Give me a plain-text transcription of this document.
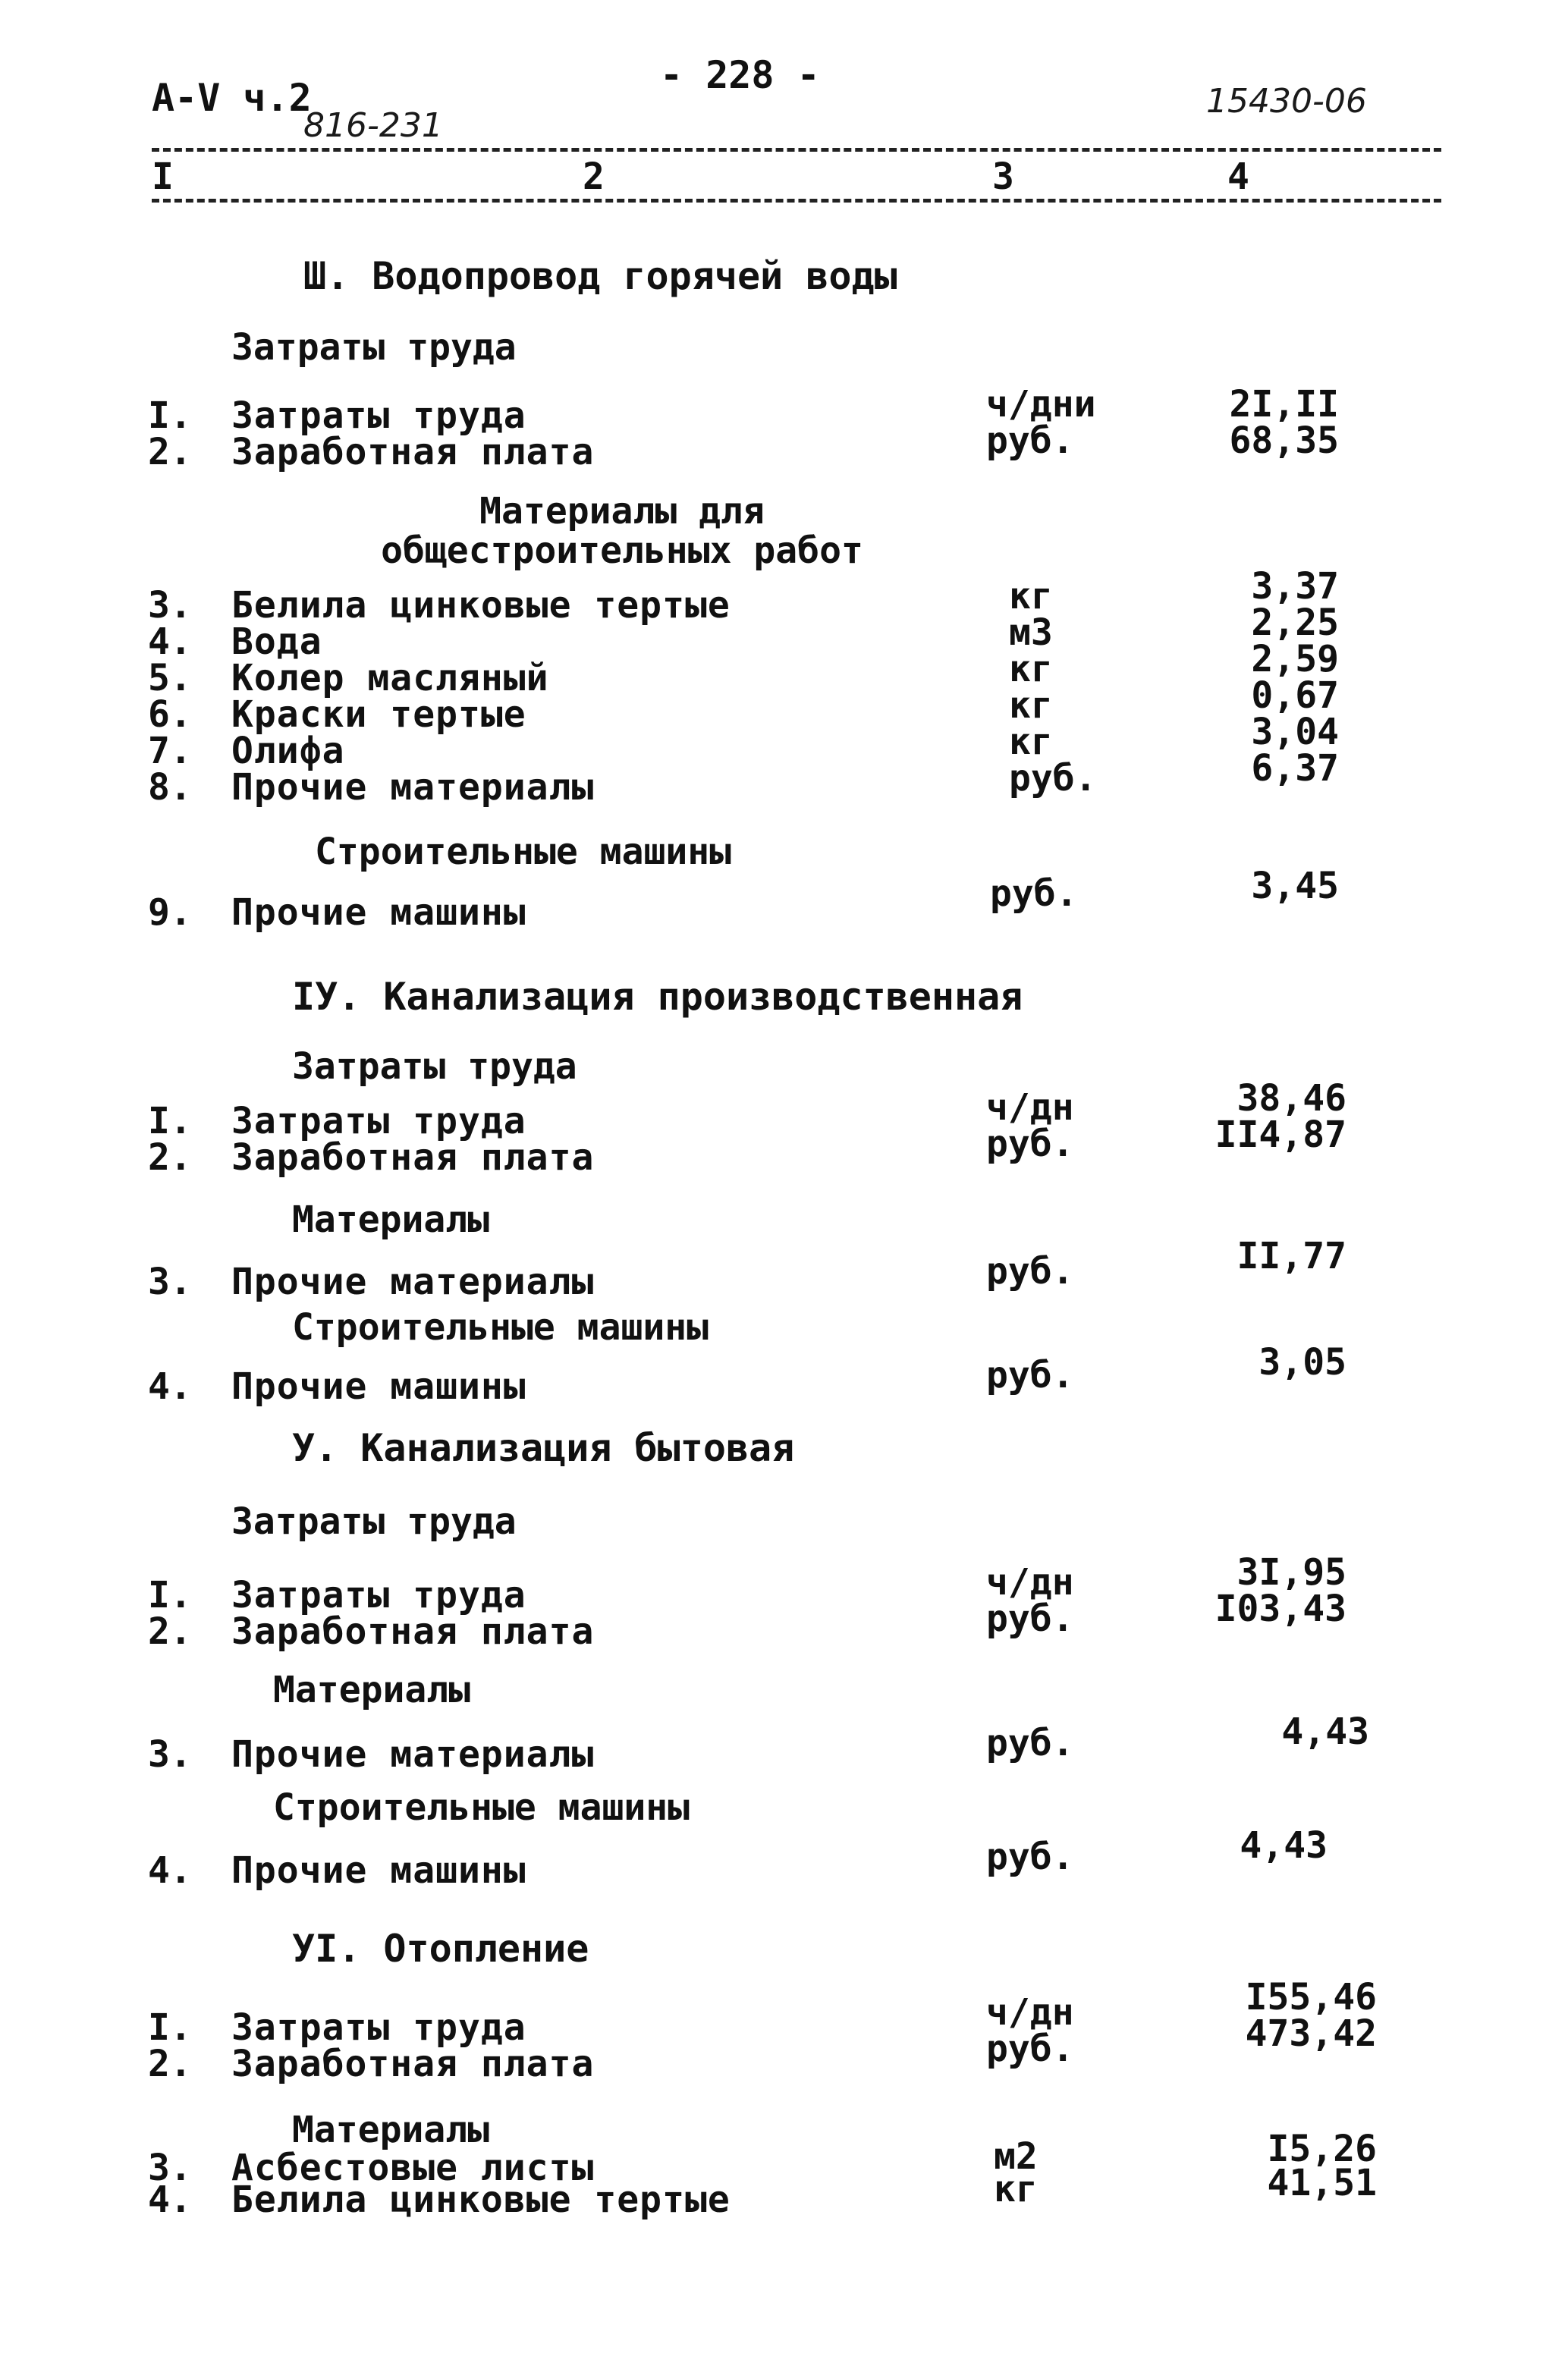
А-V ч.2
816-231
- 228 -
15430-06
I	2	3	4
Ш. Водопровод горячей воды
Затраты труда
I. Затраты труда	ч/дни	2I,II
2. Заработная плата	руб.	68,35
Материалы для общестроительных работ
3. Белила цинковые тертые	кг	3,37
4. Вода	м3	2,25
5. Колер масляный	кг	2,59
6. Краски тертые	кг	0,67
7. Олифа	кг	3,04
8. Прочие материалы	руб.	6,37
Строительные машины
9. Прочие машины	руб.	3,45
IУ. Канализация производственная
Затраты труда
I. Затраты труда	ч/дн	38,46
2. Заработная плата	руб.	II4,87
Материалы
3. Прочие материалы	руб.	II,77
Строительные машины
4. Прочие машины	руб.	3,05
У. Канализация бытовая
Затраты труда
I. Затраты труда	ч/дн	3I,95
2. Заработная плата	руб.	I03,43
Материалы
3. Прочие материалы	руб.	4,43
Строительные машины
4. Прочие машины	руб.	4,43
УI. Отопление
I. Затраты труда	ч/дн	I55,46
2. Заработная плата	руб.	473,42
Материалы
3. Асбестовые листы	м2	I5,26
4. Белила цинковые тертые	кг	41,51
